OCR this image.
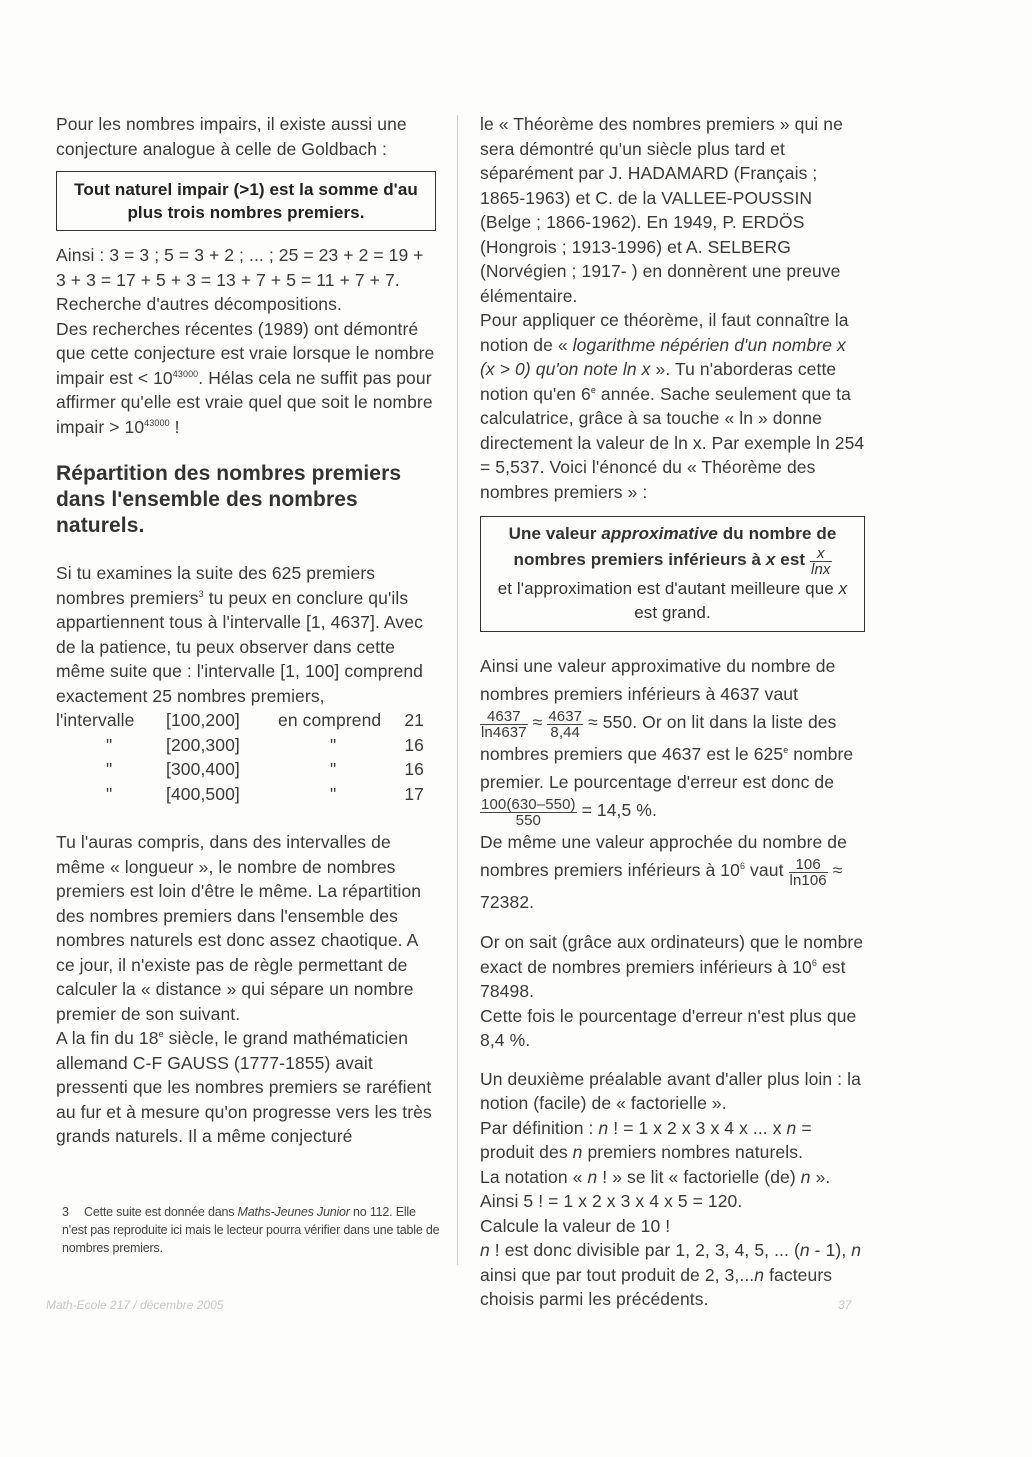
Pour les nombres impairs, il existe aussi une conjecture analogue à celle de Goldbach :

Tout naturel impair (>1) est la somme d'au plus trois nombres premiers.

Ainsi : 3 = 3 ; 5 = 3 + 2 ; ... ; 25 = 23 + 2 = 19 + 3 + 3 = 17 + 5 + 3 = 13 + 7 + 5 = 11 + 7 + 7.

Recherche d'autres décompositions.

Des recherches récentes (1989) ont démontré que cette conjecture est vraie lorsque le nombre impair est < $10^{43000}$. Hélas cela ne suffit pas pour affirmer qu'elle est vraie quel que soit le nombre impair > $10^{43000}$ !

Répartition des nombres premiers dans l'ensemble des nombres naturels.

Si tu examines la suite des 625 premiers nombres premiers$^3$ tu peux en conclure qu'ils appartiennent tous à l'intervalle [1, 4637]. Avec de la patience, tu peux observer dans cette même suite que : l'intervalle [1, 100] comprend exactement 25 nombres premiers,

l'intervalle	[100,200]	en comprend	21
"	[200,300]	"	16
"	[300,400]	"	16
"	[400,500]	"	17

Tu l'auras compris, dans des intervalles de même « longueur », le nombre de nombres premiers est loin d'être le même. La répartition des nombres premiers dans l'ensemble des nombres naturels est donc assez chaotique. A ce jour, il n'existe pas de règle permettant de calculer la « distance » qui sépare un nombre premier de son suivant.

A la fin du 18e siècle, le grand mathématicien allemand C-F GAUSS (1777-1855) avait pressenti que les nombres premiers se raréfient au fur et à mesure qu'on progresse vers les très grands naturels. Il a même conjecturé

3 Cette suite est donnée dans Maths-Jeunes Junior no 112. Elle n'est pas reproduite ici mais le lecteur pourra vérifier dans une table de nombres premiers.

le « Théorème des nombres premiers » qui ne sera démontré qu'un siècle plus tard et séparément par J. HADAMARD (Français ; 1865-1963) et C. de la VALLEE-POUSSIN (Belge ; 1866-1962). En 1949, P. ERDÖS (Hongrois ; 1913-1996) et A. SELBERG (Norvégien ; 1917- ) en donnèrent une preuve élémentaire.

Pour appliquer ce théorème, il faut connaître la notion de « logarithme népérien d'un nombre x (x > 0) qu'on note ln x ». Tu n'aborderas cette notion qu'en 6e année. Sache seulement que ta calculatrice, grâce à sa touche « ln » donne directement la valeur de ln x. Par exemple ln 254 = 5,537. Voici l'énoncé du « Théorème des nombres premiers » :

Une valeur approximative du nombre de nombres premiers inférieurs à x est $\frac{x}{\ln x}$

et l'approximation est d'autant meilleure que x est grand.

Ainsi une valeur approximative du nombre de nombres premiers inférieurs à 4637 vaut

$\frac{4637}{\ln 4637} \approx \frac{4637}{8,44} \approx 550$. Or on lit dans la liste des nombres premiers que 4637 est le 625e nombre premier. Le pourcentage d'erreur est donc de
$\frac{100(630-550)}{550} = 14,5$ %.

De même une valeur approchée du nombre de nombres premiers inférieurs à $10^6$ vaut $\frac{106}{\ln 106} \approx 72382$.

Or on sait (grâce aux ordinateurs) que le nombre exact de nombres premiers inférieurs à $10^6$ est 78498.

Cette fois le pourcentage d'erreur n'est plus que 8,4 %.

Un deuxième préalable avant d'aller plus loin : la notion (facile) de « factorielle ».

Par définition : n ! = 1 x 2 x 3 x 4 x ... x n = produit des n premiers nombres naturels.

La notation « n ! » se lit « factorielle (de) n ».

Ainsi 5 ! = 1 x 2 x 3 x 4 x 5 = 120.

Calcule la valeur de 10 !

n ! est donc divisible par 1, 2, 3, 4, 5, ... (n - 1), n ainsi que par tout produit de 2, 3,...n facteurs choisis parmi les précédents.

Math-Ecole 217 / décembre 2005	37
